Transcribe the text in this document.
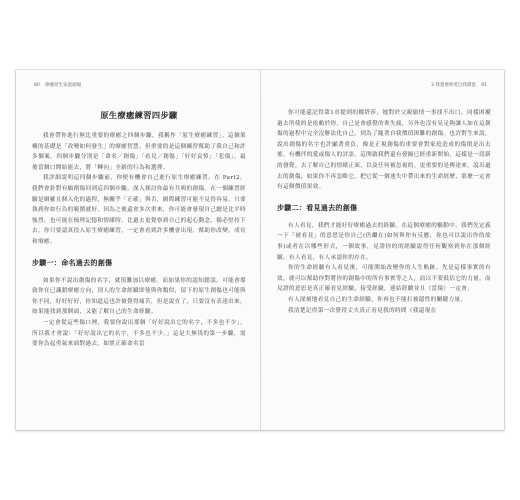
80 療癒原生家庭創傷
原生療癒練習四步驟

我會帶你進行無比重要的療癒之四個步驟，我稱作「原生療癒練習」。這個架構的基礎是「改變如何發生」的療癒智慧。但重要的是這個練習幫助了我自己和許多個案。四個步驟分別是「命名／創傷」「看見／創傷」「好好哀悼」「悲傷」，最後當個口開始能去，將「轉向」全新的行為和選擇。

我評細說明這四個步驟前，你便有機會自己進行原生療癒練習。在 Part2，我們會針對有願創傷回到這四個步驟，深入探討你最有共鳴的創傷。在一個練習經驗是網羅且個入化的過程，無關乎「正確」與否，網際練習可能不見得容易，只要執到你如行為的範圍就好。因為之後還會多次重來，你可能會發現自己總是比平時強烈，也可能在梳理記憶和情緒時。比過去更覺察到自己的起心動念，揚必堅持下去。你只要認真投入原生療癒練習，一定會看到許多機會出現，幫助你改變、成長和療癒。

步驟一：命名過去的創傷

如果你不說出創傷的名字，就很難加以療癒。而如果你的認知錯誤，可能會導致你在已識錯療癒方向，別人的生命經驗即使與你類似，留下的原生創傷也可能與你不同，好好好好，你知道這也許被覺得痛苦，但是說直了，只要沒有表達出來，如果能找到那個面，又能了解自己的生命經驗。

一定會從這些傷口裡，我要你說出那個「好好說出它的名字，不多也不少」。所以我才會說：「好好說出它的名字，不多也不少。」這是大無畏的第一步驟，需要你為起勇氣來面對過去，如實正確命名當

3 我想要被愛自我價值 81

你可能還記得第1章提到的娜塔莎，她對於父親偷情一事找不出口，同樣困擾過去所使的是依賴於你。自己是會感覺的喪失痛，另外也沒有見足夠讓人如在這創傷的過程中完全沒辦法化自己，到為了隨著自我價值困難的創傷。也許對生來說，說出創傷的名字也許顯著重負，像是正視創傷的重要會對家庭造成的傷損是出去後，有機伴的愛或傷人的評語，這開啟我們還有發掘已經重新開始，這樣是一段新的發覺。去了解自己的情緒正面，以及任何被忽視的。更重要的是傳達來，說出過去的創傷，如果你不再忽略它，把它從一個迷失中帶出來的生命經歷，那麼一定會有這個價值果效。

步驟二：看見過去的創傷

有人看見，我們才能好好療癒過去的經驗。在這個療癒的驅動中，我們先定義一下「被看見」的意思是你自己(仍繼在)如何與你有反應，你也可以說出你的故事)或者在以哪些形式，一個故事，見證你的的經驗說得任何觀察到你在那個經驗，有人看見，有人承認你的存在。

你的生命經驗有人看見後，可能開始改變你的人生軌跡。先是這樣事實的有效，就可以幫助你對將你的創傷中的所有事實等之人，而以不要低估它的力量。而見證的意思是真正確看見經驗，接受經驗，連結經驗並且（當傷）一定會。

有人深刻地看見自己的生命經驗，你再也不能打被隱性的關鍵力量。

我清楚記得第一次覺得丈夫真正看見我的時間（我還現在
